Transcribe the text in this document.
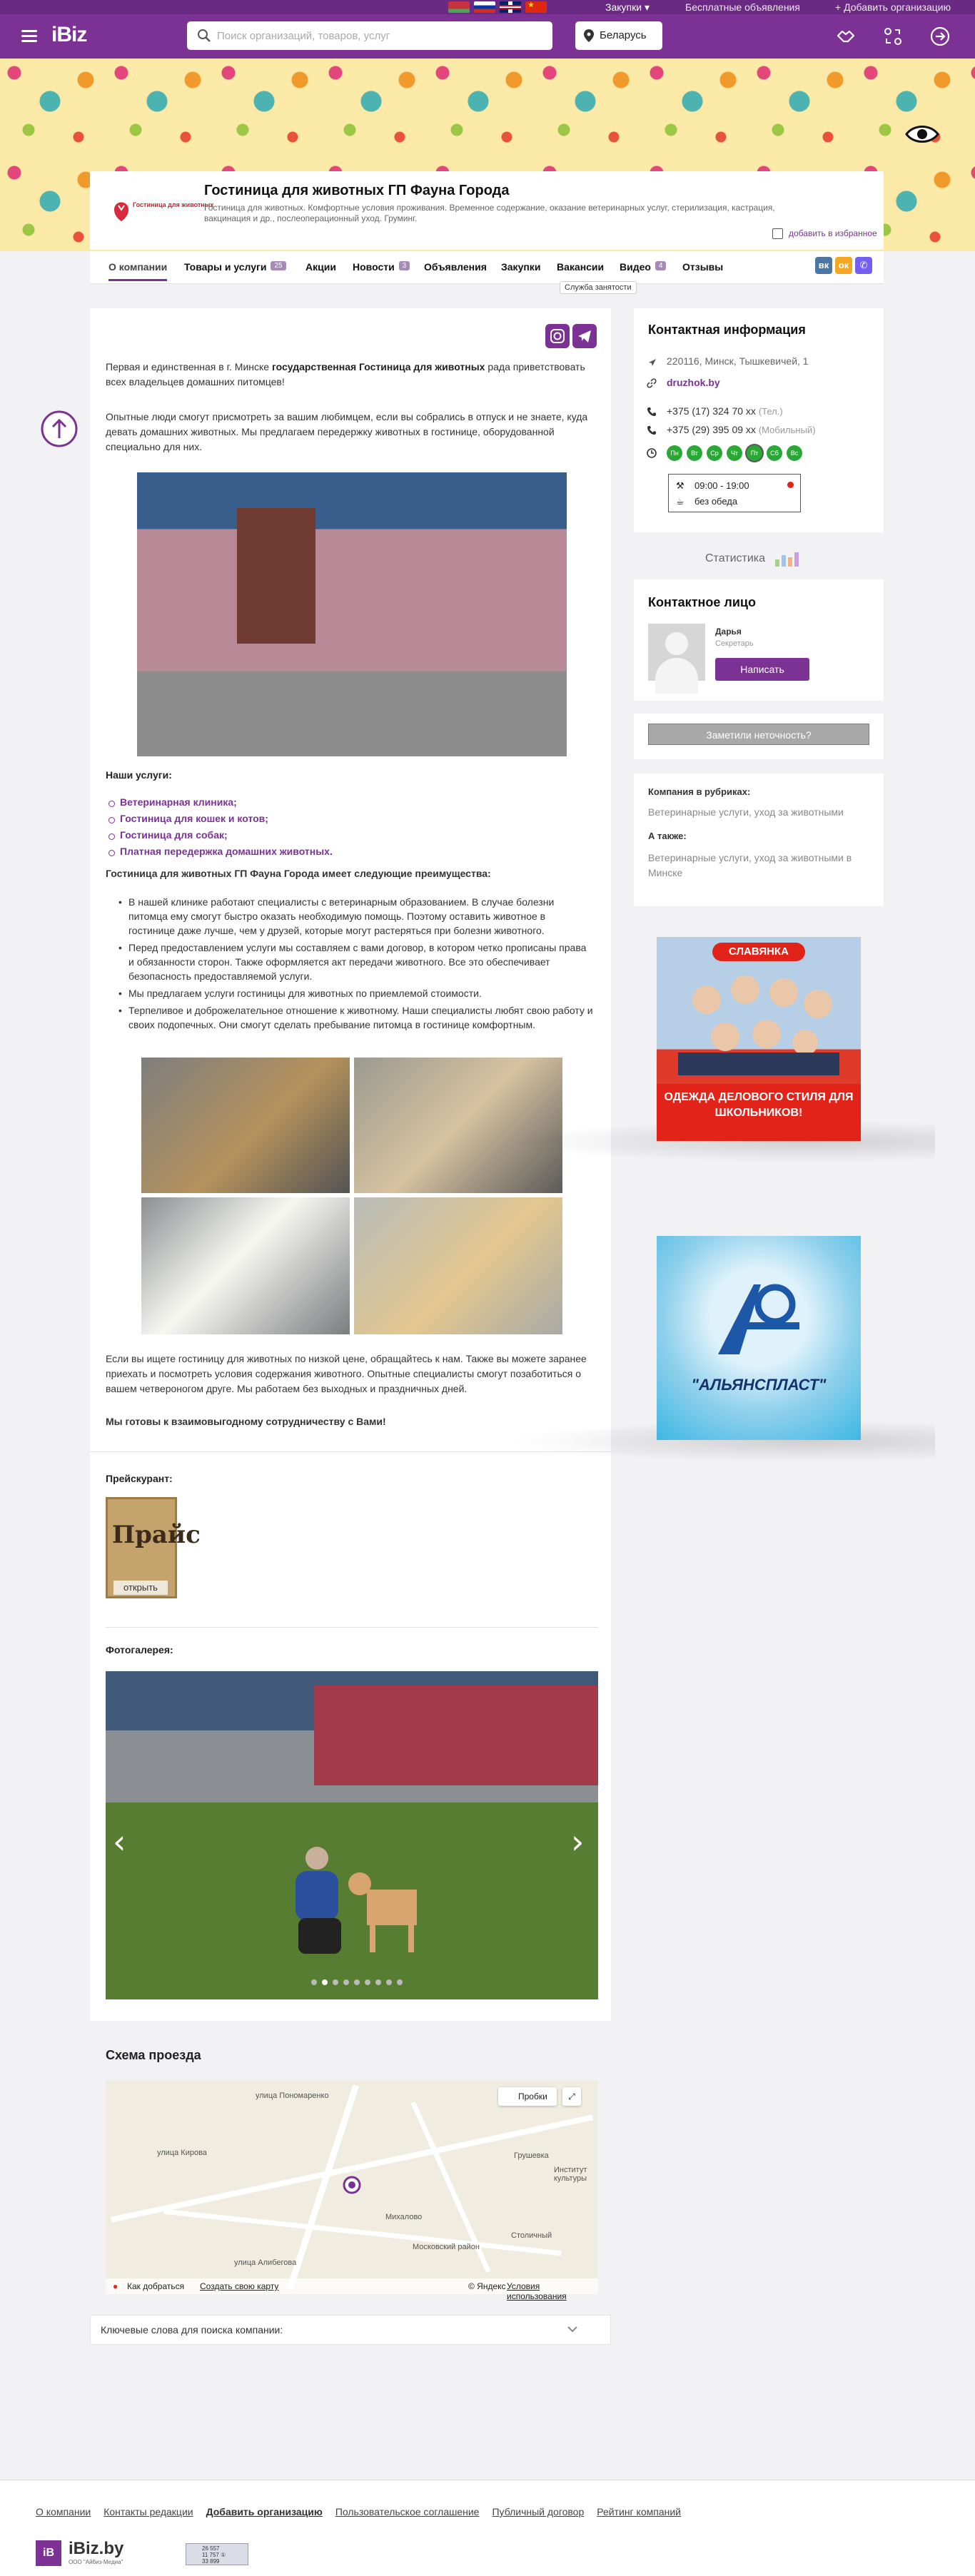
★
Закупки ▾	Бесплатные объявления	+ Добавить организацию
iBiz
Поиск организаций, товаров, услуг	Беларусь
Гостиница для животных
Гостиница для животных ГП Фауна Города
Гостиница для животных. Комфортные условия проживания. Временное содержание, оказание ветеринарных услуг, стерилизация, кастрация, вакцинация и др., послеоперационный уход. Груминг.
добавить в избранное
О компании Товары и услуги 25	Акции Новости 3	Объявления Закупки Вакансии Видео 4	Отзывы
Служба занятости
вк	ок	✆

Первая и единственная в г. Минске государственная Гостиница для животных рада приветствовать всех владельцев домашних питомцев!

Опытные люди смогут присмотреть за вашим любимцем, если вы собрались в отпуск и не знаете, куда девать домашних животных. Мы предлагаем передержку животных в гостинице, оборудованной специально для них.

Наши услуги:
Ветеринарная клиника;
Гостиница для кошек и котов;
Гостиница для собак;
Платная передержка домашних животных.
Гостиница для животных ГП Фауна Города имеет следующие преимущества:
• В нашей клинике работают специалисты с ветеринарным образованием. В случае болезни питомца ему смогут быстро оказать необходимую помощь. Поэтому оставить животное в гостинице даже лучше, чем у друзей, которые могут растеряться при болезни животного.
• Перед предоставлением услуги мы составляем с вами договор, в котором четко прописаны права и обязанности сторон. Также оформляется акт передачи животного. Все это обеспечивает безопасность предоставляемой услуги.
• Мы предлагаем услуги гостиницы для животных по приемлемой стоимости.
• Терпеливое и доброжелательное отношение к животному. Наши специалисты любят свою работу и своих подопечных. Они смогут сделать пребывание питомца в гостинице комфортным.

Если вы ищете гостиницу для животных по низкой цене, обращайтесь к нам. Также вы можете заранее приехать и посмотреть условия содержания животного. Опытные специалисты смогут позаботиться о вашем четвероногом друге. Мы работаем без выходных и праздничных дней.

Мы готовы к взаимовыгодному сотрудничеству с Вами!

Прейскурант:
Прайс
открыть
Фотогалерея:
‹	›
Схема проезда
улица Пономаренко
улица Кирова	Грушевка
Институт культуры
Михалово
Московский район
Столичный
улица Алибегова
Пробки	⤢
● Как добраться Создать свою карту	© Яндекс Условия использования
Ключевые слова для поиска компании:
Контактная информация
220116, Минск, Тышкевичей, 1
druzhok.by
+375 (17) 324 70 xx (Тел.)
+375 (29) 395 09 xx (Мобильный)
Пн	Вт	Ср	Чт	Пт	Сб	Вс
⚒ 09:00 - 19:00
☕ без обеда
Статистика
Контактное лицо
Дарья
Секретарь
Написать
Заметили неточность?
Компания в рубриках:
Ветеринарные услуги, уход за животными
А также:
Ветеринарные услуги, уход за животными в Минске
СЛАВЯНКА
ОДЕЖДА ДЕЛОВОГО СТИЛЯ ДЛЯ ШКОЛЬНИКОВ!
"АЛЬЯНСПЛАСТ"
О компании Контакты редакции Добавить организацию Пользовательское соглашение Публичный договор Рейтинг компаний
iB iBiz.by
ООО "Айбиз-Медиа"
26 557
11 757 ①
33 899
